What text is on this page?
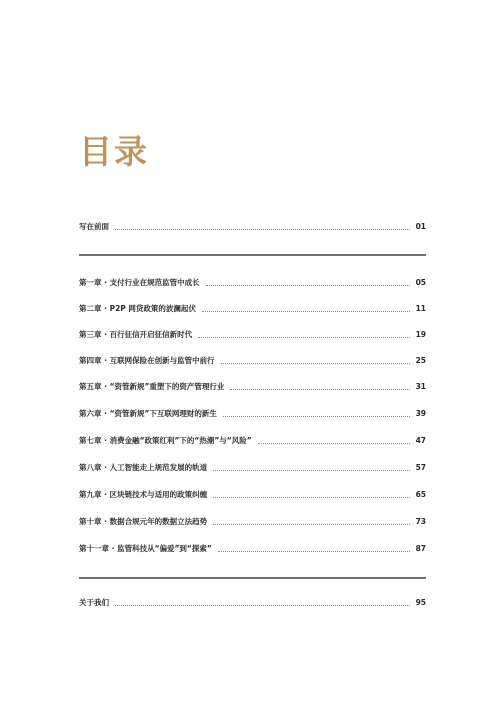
目录
写在前面	01
第一章 · 支付行业在规范监管中成长	05
第二章 · P2P 网贷政策的波澜起伏	11
第三章 · 百行征信开启征信新时代	19
第四章 · 互联网保险在创新与监管中前行	25
第五章 · “资管新规”重塑下的资产管理行业	31
第六章 · “资管新规”下互联网理财的新生	39
第七章 · 消费金融“政策红利”下的“热潮”与“风险”	47
第八章 · 人工智能走上规范发展的轨道	57
第九章 · 区块链技术与适用的政策纠缠	65
第十章 · 数据合规元年的数据立法趋势	73
第十一章 · 监管科技从“偏爱”到“探索”	87
关于我们	95
